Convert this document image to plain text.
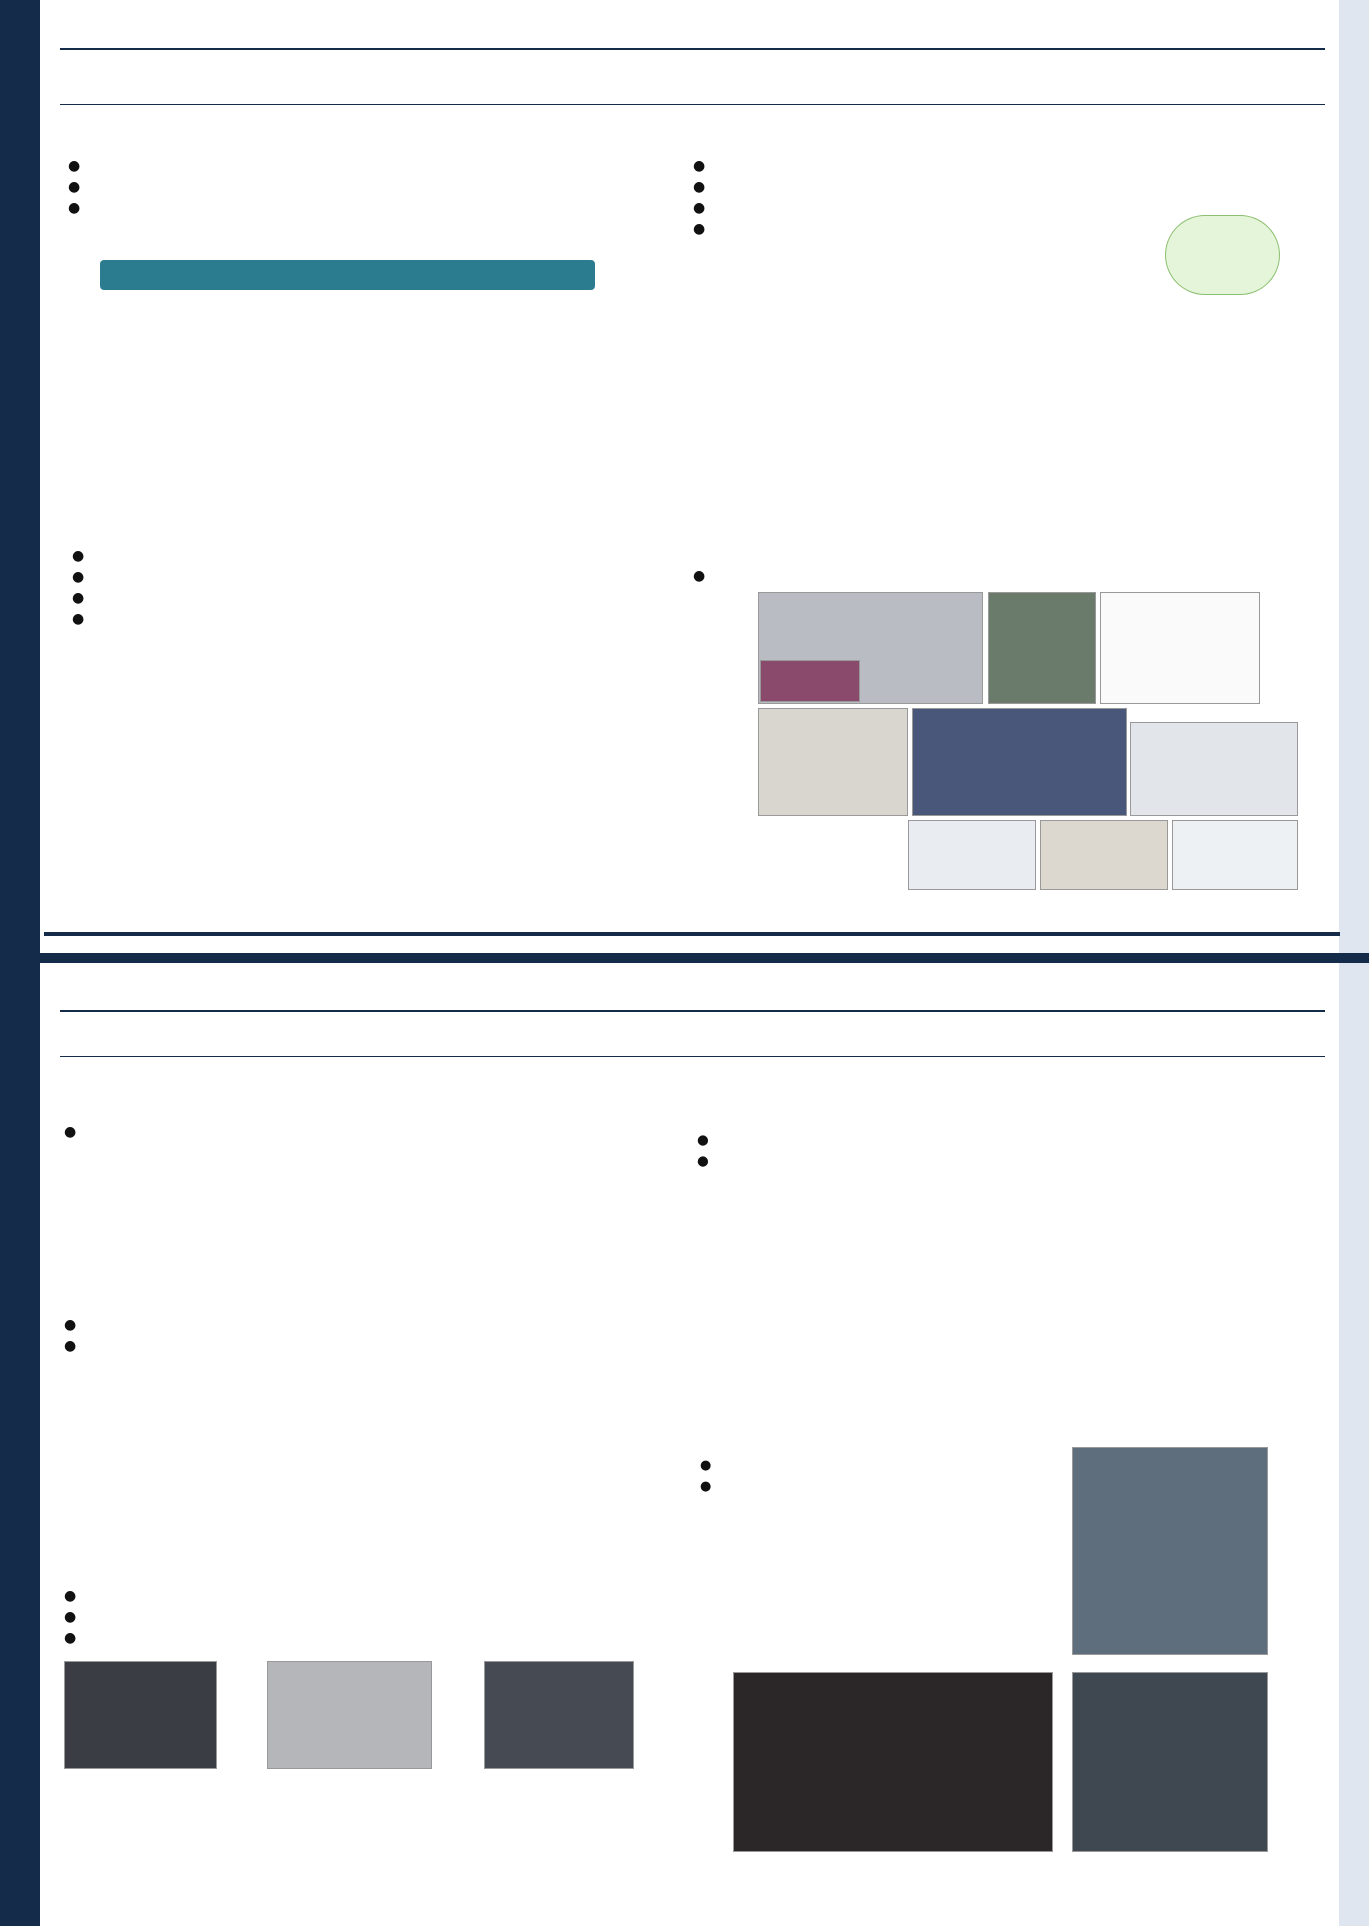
●
●
●
●
●
●
●
●
●
●
●
●
●
●
●
●
●
●
●
●
●
●
